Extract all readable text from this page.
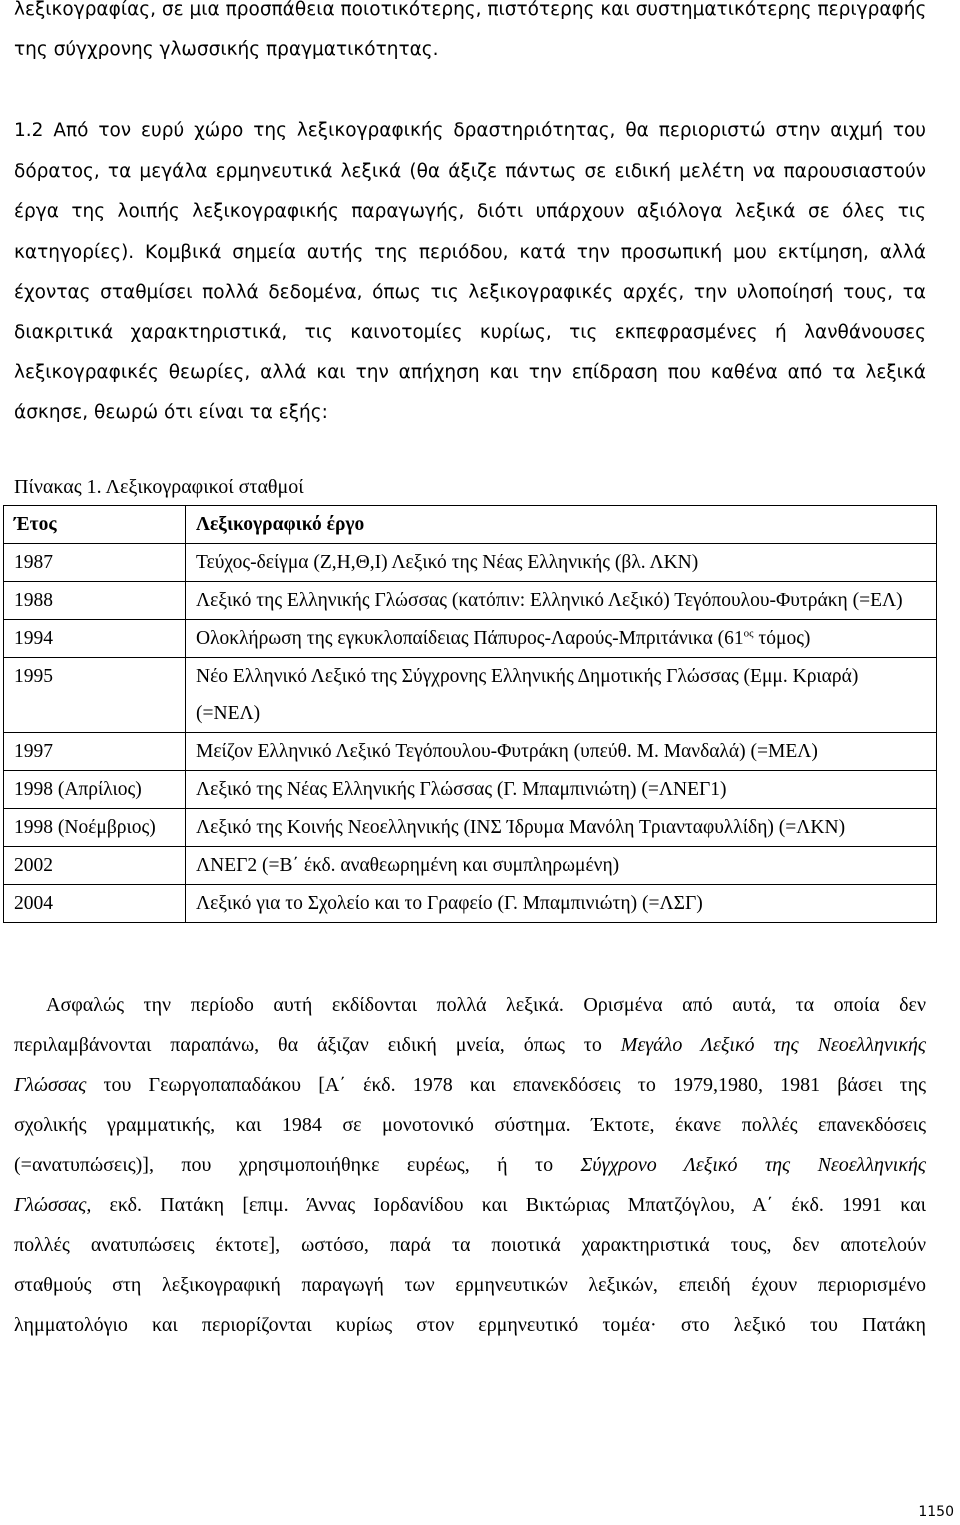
λεξικογραφίας, σε μια προσπάθεια ποιοτικότερης, πιστότερης και συστηματικότερης περιγραφής
της σύγχρονης γλωσσικής πραγματικότητας.
1.2 Από τον ευρύ χώρο της λεξικογραφικής δραστηριότητας, θα περιοριστώ στην αιχμή του
δόρατος, τα μεγάλα ερμηνευτικά λεξικά (θα άξιζε πάντως σε ειδική μελέτη να παρουσιαστούν
έργα της λοιπής λεξικογραφικής παραγωγής, διότι υπάρχουν αξιόλογα λεξικά σε όλες τις
κατηγορίες). Κομβικά σημεία αυτής της περιόδου, κατά την προσωπική μου εκτίμηση, αλλά
έχοντας σταθμίσει πολλά δεδομένα, όπως τις λεξικογραφικές αρχές, την υλοποίησή τους, τα
διακριτικά χαρακτηριστικά, τις καινοτομίες κυρίως, τις εκπεφρασμένες ή λανθάνουσες
λεξικογραφικές θεωρίες, αλλά και την απήχηση και την επίδραση που καθένα από τα λεξικά
άσκησε, θεωρώ ότι είναι τα εξής:
Πίνακας 1. Λεξικογραφικοί σταθμοί
Έτος	Λεξικογραφικό έργο
1987	Τεύχος-δείγμα (Ζ,Η,Θ,Ι) Λεξικό της Νέας Ελληνικής (βλ. ΛΚΝ)
1988	Λεξικό της Ελληνικής Γλώσσας (κατόπιν: Ελληνικό Λεξικό) Τεγόπουλου-Φυτράκη (=ΕΛ)
1994	Ολοκλήρωση της εγκυκλοπαίδειας Πάπυρος-Λαρούς-Μπριτάνικα ($61^{o\varsigma}$ τόμος)
1995	Νέο Ελληνικό Λεξικό της Σύγχρονης Ελληνικής Δημοτικής Γλώσσας (Εμμ. Κριαρά) (=ΝΕΛ)
1997	Μείζον Ελληνικό Λεξικό Τεγόπουλου-Φυτράκη (υπεύθ. Μ. Μανδαλά) (=ΜΕΛ)
1998 (Απρίλιος)	Λεξικό της Νέας Ελληνικής Γλώσσας (Γ. Μπαμπινιώτη) (=ΛΝΕΓ1)
1998 (Νοέμβριος)	Λεξικό της Κοινής Νεοελληνικής (ΙΝΣ Ίδρυμα Μανόλη Τριανταφυλλίδη) (=ΛΚΝ)
2002	ΛΝΕΓ2 (=Β΄ έκδ. αναθεωρημένη και συμπληρωμένη)
2004	Λεξικό για το Σχολείο και το Γραφείο (Γ. Μπαμπινιώτη) (=ΛΣΓ)
Ασφαλώς την περίοδο αυτή εκδίδονται πολλά λεξικά. Ορισμένα από αυτά, τα οποία δεν
περιλαμβάνονται παραπάνω, θα άξιζαν ειδική μνεία, όπως το Μεγάλο Λεξικό της Νεοελληνικής
Γλώσσας του Γεωργοπαπαδάκου [Α΄ έκδ. 1978 και επανεκδόσεις το 1979,1980, 1981 βάσει της
σχολικής γραμματικής, και 1984 σε μονοτονικό σύστημα. Έκτοτε, έκανε πολλές επανεκδόσεις
(=ανατυπώσεις)], που χρησιμοποιήθηκε ευρέως, ή το Σύγχρονο Λεξικό της Νεοελληνικής
Γλώσσας, εκδ. Πατάκη [επιμ. Άννας Ιορδανίδου και Βικτώριας Μπατζόγλου, Α΄ έκδ. 1991 και
πολλές ανατυπώσεις έκτοτε], ωστόσο, παρά τα ποιοτικά χαρακτηριστικά τους, δεν αποτελούν
σταθμούς στη λεξικογραφική παραγωγή των ερμηνευτικών λεξικών, επειδή έχουν περιορισμένο
λημματολόγιο και περιορίζονται κυρίως στον ερμηνευτικό τομέα· στο λεξικό του Πατάκη
1150
